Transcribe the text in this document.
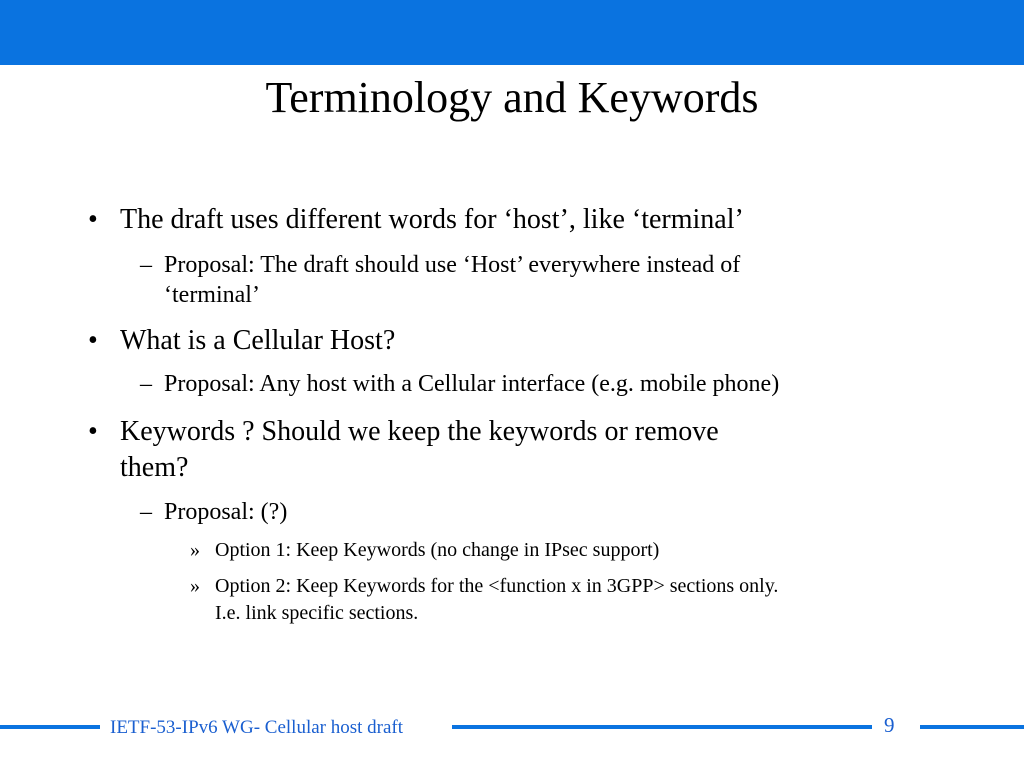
Terminology and Keywords
• The draft uses different words for ‘host’, like ‘terminal’
– Proposal: The draft should use ‘Host’ everywhere instead of
‘terminal’
• What is a Cellular Host?
– Proposal: Any host with a Cellular interface (e.g. mobile phone)
• Keywords ? Should we keep the keywords or remove
them?
– Proposal: (?)
» Option 1: Keep Keywords (no change in IPsec support)
» Option 2: Keep Keywords for the <function x in 3GPP> sections only.
I.e. link specific sections.
IETF-53-IPv6 WG- Cellular host draft	9
